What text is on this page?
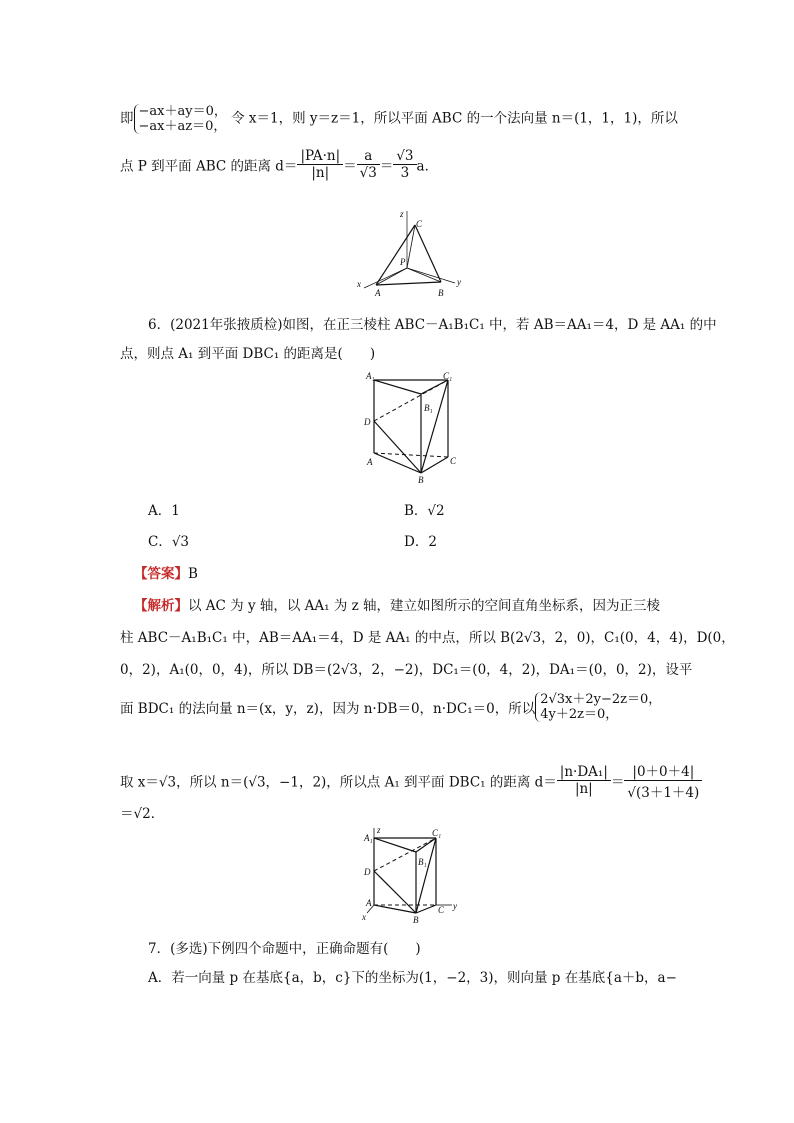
即 −ax＋ay＝0，
−ax＋az＝0， 令 x＝1，则 y＝z＝1，所以平面 ABC 的一个法向量 n＝(1，1，1)，所以
点 P 到平面 ABC 的距离 $d= \frac{|PA\cdot n|}{|n|} = \frac{a}{√3} = \frac{√3}{3}$ a．
z
C
P
x
A	B
y
6．(2021年张掖质检)如图，在正三棱柱 ABC－A₁B₁C₁ 中，若 AB＝AA₁＝4，D 是 AA₁ 的中
点，则点 A₁ 到平面 DBC₁ 的距离是(　　)
A₁	C₁
B₁
D
A
B
C
A．1	B．√2
C．√3	D．2
【答案】B
【解析】以 AC 为 y 轴，以 AA₁ 为 z 轴，建立如图所示的空间直角坐标系，因为正三棱
柱 ABC－A₁B₁C₁ 中，AB＝AA₁＝4，D 是 AA₁ 的中点，所以 B(2√3，2，0)，C₁(0，4，4)，D(0，
0，2)，A₁(0，0，4)，所以 DB＝(2√3，2，−2)，DC₁＝(0，4，2)，DA₁＝(0，0，2)，设平
面 BDC₁ 的法向量 n＝(x，y，z)，因为 n·DB＝0，n·DC₁＝0，所以
2√3x＋2y−2z＝0，
4y＋2z＝0，
取 x＝√3，所以 n＝(√3，−1，2)，所以点 A₁ 到平面 DBC₁ 的距离 $d= \frac{\text{|n·DA₁|}}{|n|} = \frac{|0+0+4|}{√(3+1+4)}$
＝√2．
z
A₁	C₁
B₁
D
A
x	B
C y
7．(多选)下例四个命题中，正确命题有(　　)
A．若一向量 p 在基底{a，b，c}下的坐标为(1，−2，3)，则向量 p 在基底{a＋b，a−
